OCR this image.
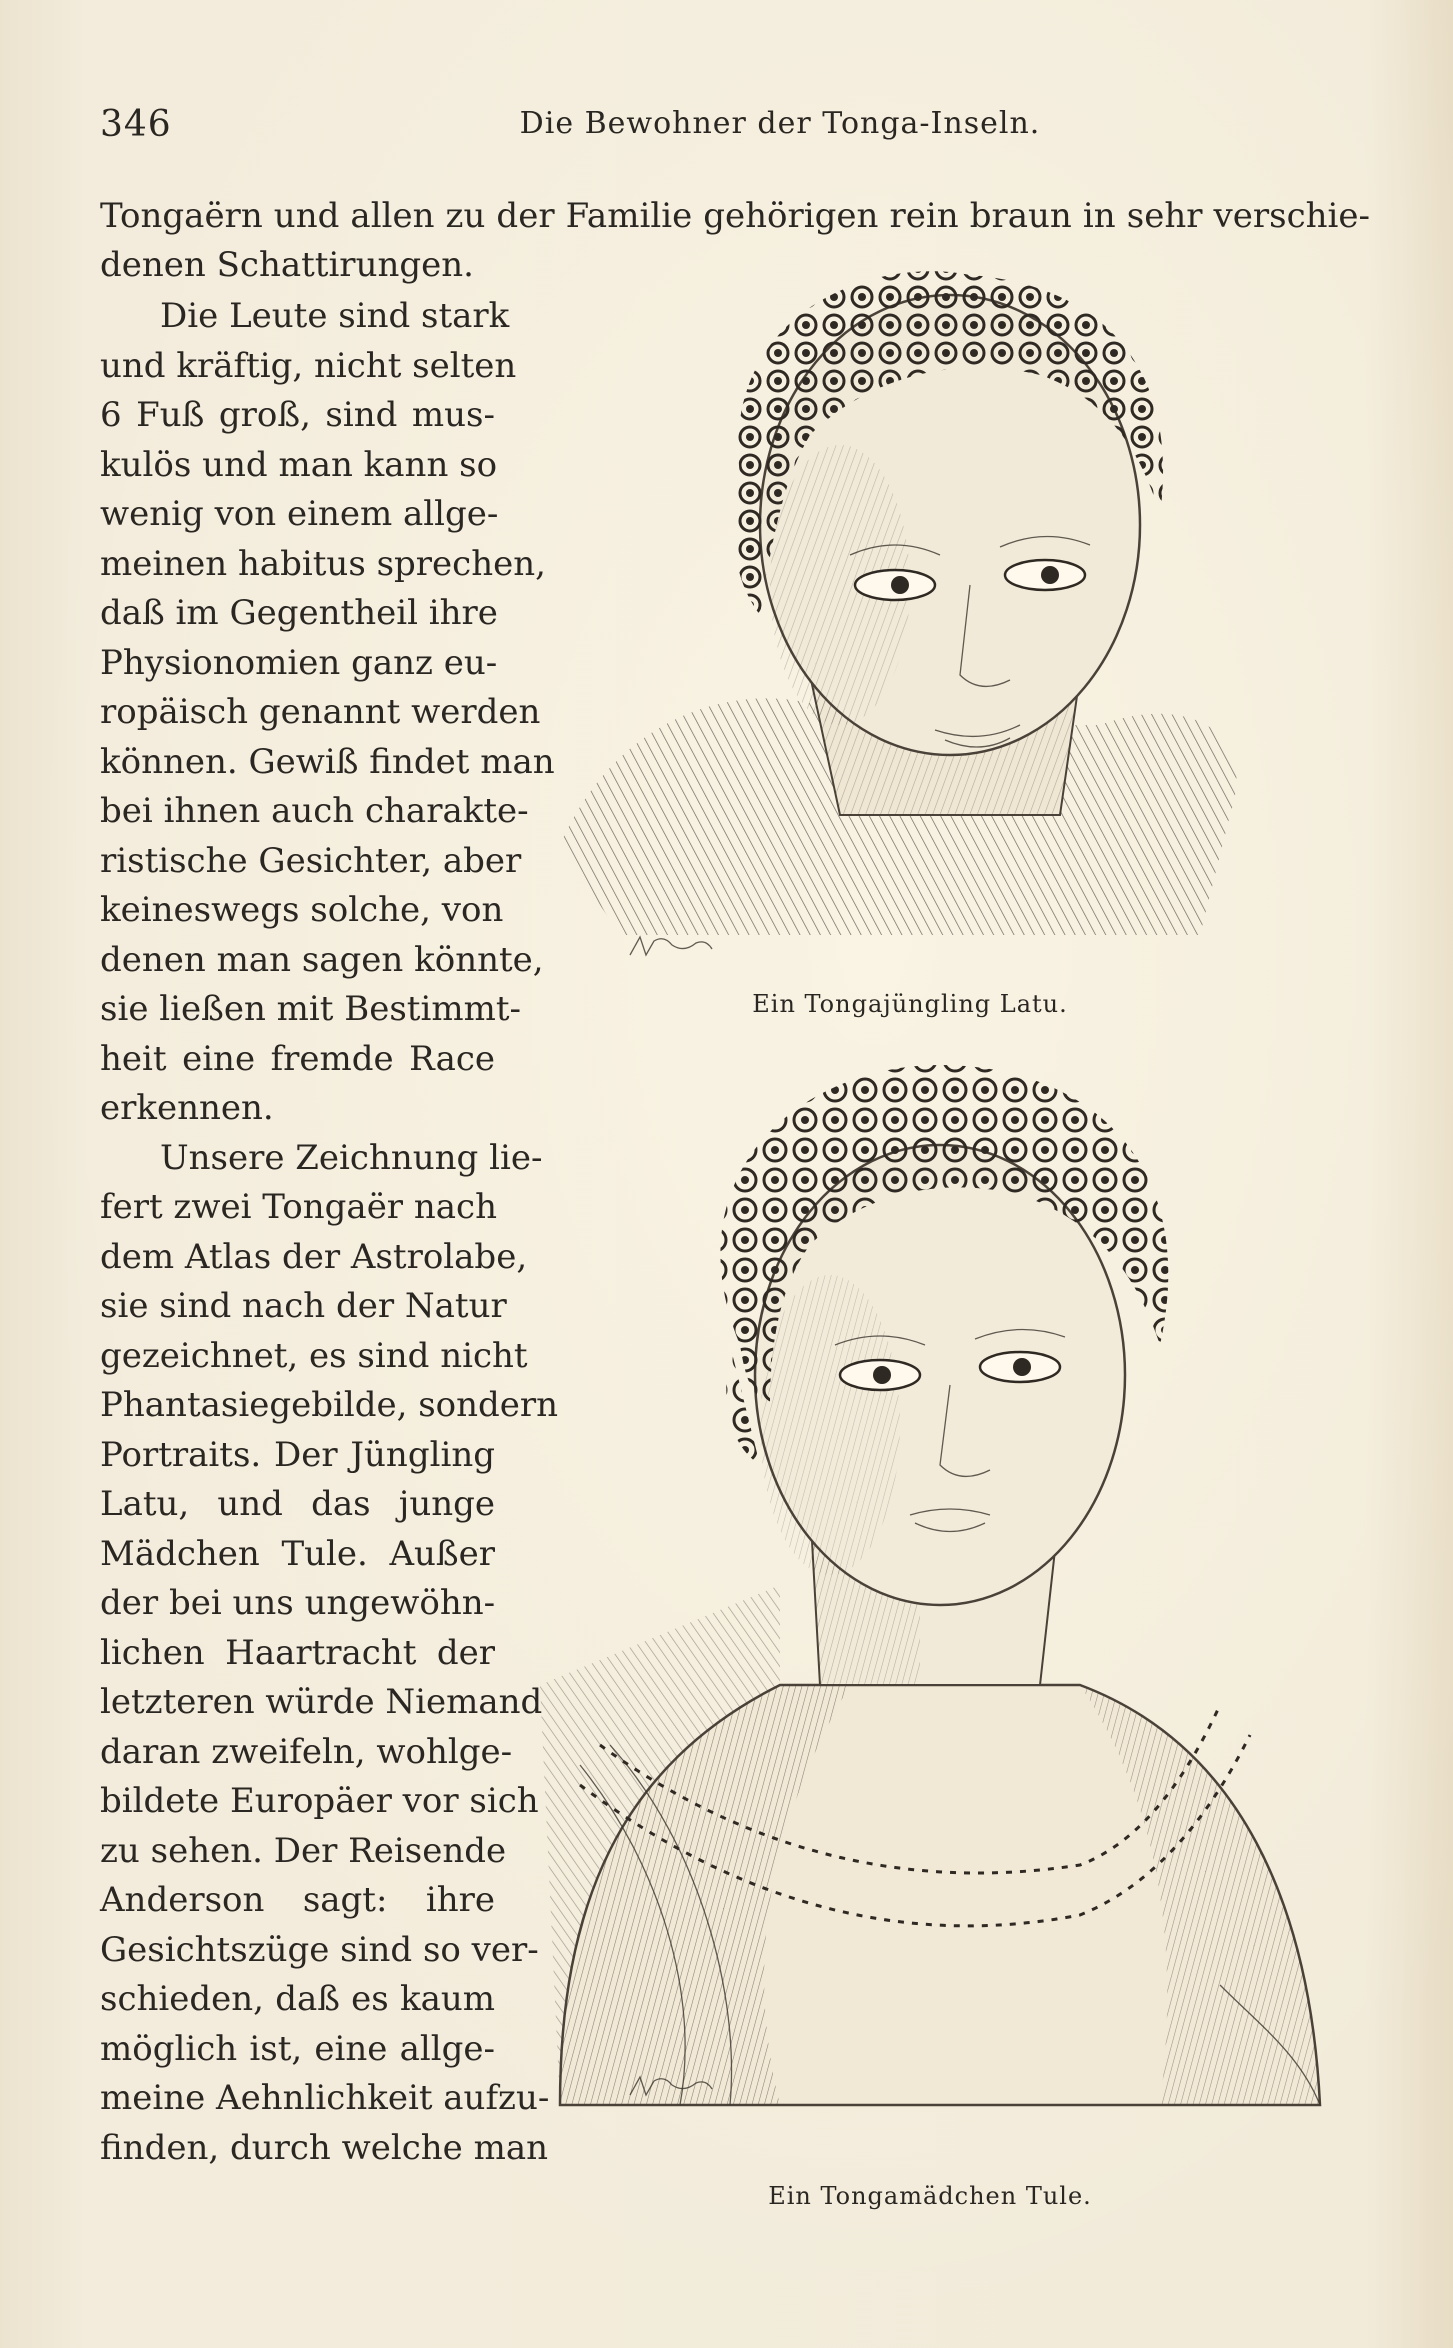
346	Die Bewohner der Tonga-Inseln.
Tongaërn und allen zu der Familie gehörigen rein braun in sehr verschie-
denen Schattirungen.
Die Leute sind stark
und kräftig, nicht selten
6 Fuß groß, sind mus-
kulös und man kann so
wenig von einem allge-
meinen habitus sprechen,
daß im Gegentheil ihre
Physionomien ganz eu-
ropäisch genannt werden
können. Gewiß findet man
bei ihnen auch charakte-
ristische Gesichter, aber
keineswegs solche, von
denen man sagen könnte,
sie ließen mit Bestimmt-
heit eine fremde Race
erkennen.
Unsere Zeichnung lie-
fert zwei Tongaër nach
dem Atlas der Astrolabe,
sie sind nach der Natur
gezeichnet, es sind nicht
Phantasiegebilde, sondern
Portraits. Der Jüngling
Latu, und das junge
Mädchen Tule. Außer
der bei uns ungewöhn-
lichen Haartracht der
letzteren würde Niemand
daran zweifeln, wohlge-
bildete Europäer vor sich
zu sehen. Der Reisende
Anderson sagt: ihre
Gesichtszüge sind so ver-
schieden, daß es kaum
möglich ist, eine allge-
meine Aehnlichkeit aufzu-
finden, durch welche man
Ein Tongajüngling Latu.
Ein Tongamädchen Tule.
